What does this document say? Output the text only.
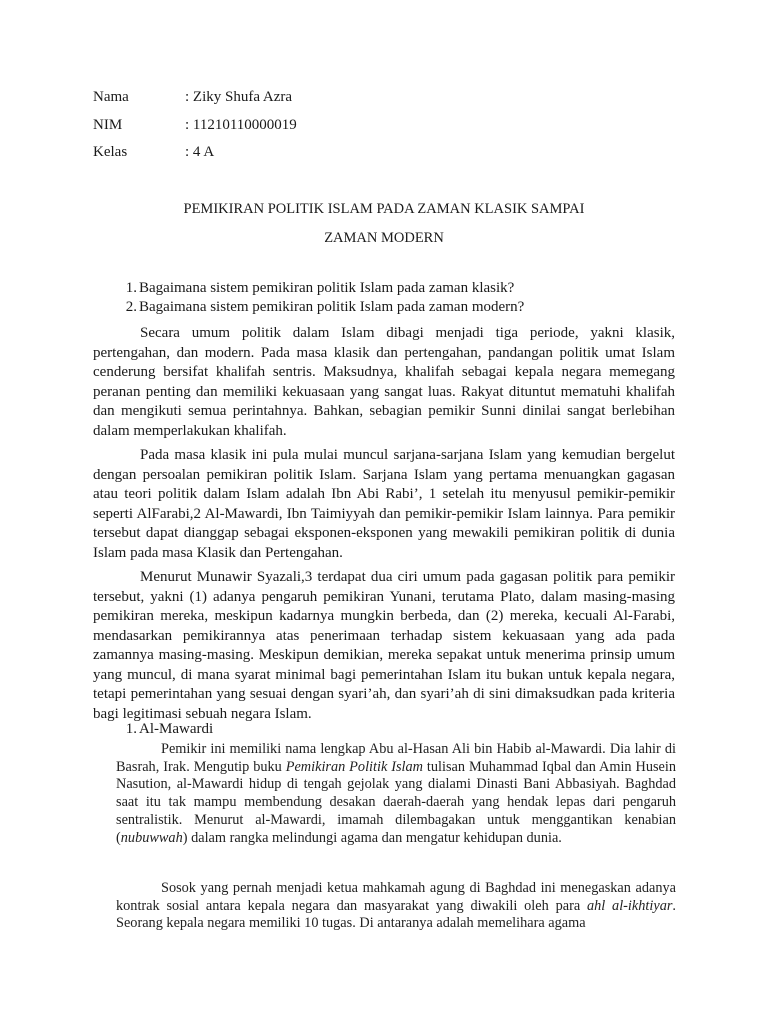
Nama	: Ziky Shufa Azra
NIM	: 11210110000019
Kelas	: 4 A
PEMIKIRAN POLITIK ISLAM PADA ZAMAN KLASIK SAMPAI
ZAMAN MODERN
1. Bagaimana sistem pemikiran politik Islam pada zaman klasik?
2. Bagaimana sistem pemikiran politik Islam pada zaman modern?

Secara umum politik dalam Islam dibagi menjadi tiga periode, yakni klasik, pertengahan, dan modern. Pada masa klasik dan pertengahan, pandangan politik umat Islam cenderung bersifat khalifah sentris. Maksudnya, khalifah sebagai kepala negara memegang peranan penting dan memiliki kekuasaan yang sangat luas. Rakyat dituntut mematuhi khalifah dan mengikuti semua perintahnya. Bahkan, sebagian pemikir Sunni dinilai sangat berlebihan dalam memperlakukan khalifah.

Pada masa klasik ini pula mulai muncul sarjana-sarjana Islam yang kemudian bergelut dengan persoalan pemikiran politik Islam. Sarjana Islam yang pertama menuangkan gagasan atau teori politik dalam Islam adalah Ibn Abi Rabi’, 1 setelah itu menyusul pemikir-pemikir seperti AlFarabi,2 Al-Mawardi, Ibn Taimiyyah dan pemikir-pemikir Islam lainnya. Para pemikir tersebut dapat dianggap sebagai eksponen-eksponen yang mewakili pemikiran politik di dunia Islam pada masa Klasik dan Pertengahan.

Menurut Munawir Syazali,3 terdapat dua ciri umum pada gagasan politik para pemikir tersebut, yakni (1) adanya pengaruh pemikiran Yunani, terutama Plato, dalam masing-masing pemikiran mereka, meskipun kadarnya mungkin berbeda, dan (2) mereka, kecuali Al-Farabi, mendasarkan pemikirannya atas penerimaan terhadap sistem kekuasaan yang ada pada zamannya masing-masing. Meskipun demikian, mereka sepakat untuk menerima prinsip umum yang muncul, di mana syarat minimal bagi pemerintahan Islam itu bukan untuk kepala negara, tetapi pemerintahan yang sesuai dengan syari’ah, dan syari’ah di sini dimaksudkan pada kriteria bagi legitimasi sebuah negara Islam.

1. Al-Mawardi

Pemikir ini memiliki nama lengkap Abu al-Hasan Ali bin Habib al-Mawardi. Dia lahir di Basrah, Irak. Mengutip buku Pemikiran Politik Islam tulisan Muhammad Iqbal dan Amin Husein Nasution, al-Mawardi hidup di tengah gejolak yang dialami Dinasti Bani Abbasiyah. Baghdad saat itu tak mampu membendung desakan daerah-daerah yang hendak lepas dari pengaruh sentralistik. Menurut al-Mawardi, imamah dilembagakan untuk menggantikan kenabian (nubuwwah) dalam rangka melindungi agama dan mengatur kehidupan dunia.

Sosok yang pernah menjadi ketua mahkamah agung di Baghdad ini menegaskan adanya kontrak sosial antara kepala negara dan masyarakat yang diwakili oleh para ahl al-ikhtiyar. Seorang kepala negara memiliki 10 tugas. Di antaranya adalah memelihara agama
